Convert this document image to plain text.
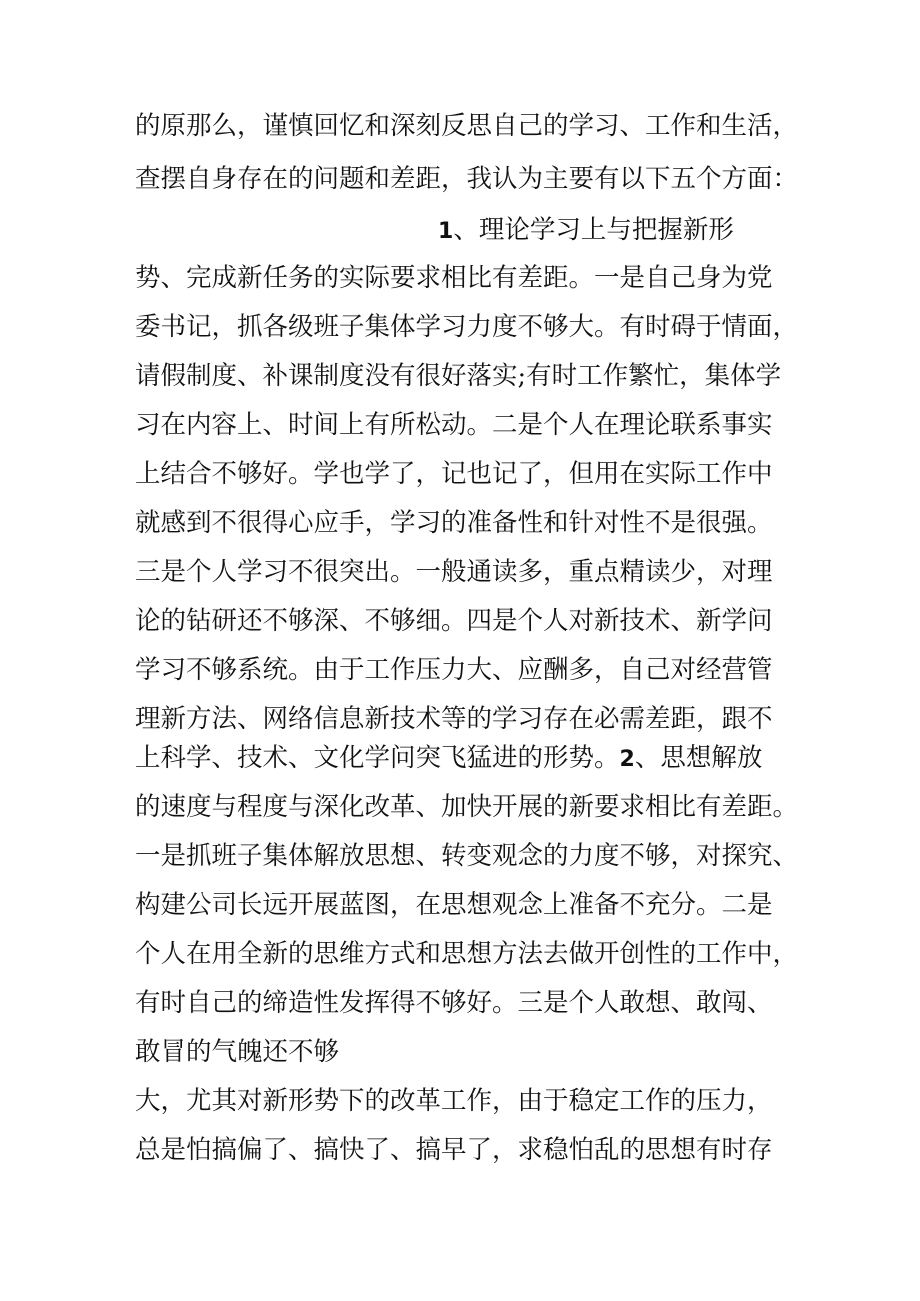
的原那么，谨慎回忆和深刻反思自己的学习、工作和生活，
查摆自身存在的问题和差距，我认为主要有以下五个方面：
1、理论学习上与把握新形
势、完成新任务的实际要求相比有差距。一是自己身为党
委书记，抓各级班子集体学习力度不够大。有时碍于情面，
请假制度、补课制度没有很好落实;有时工作繁忙，集体学
习在内容上、时间上有所松动。二是个人在理论联系事实
上结合不够好。学也学了，记也记了，但用在实际工作中
就感到不很得心应手，学习的准备性和针对性不是很强。
三是个人学习不很突出。一般通读多，重点精读少，对理
论的钻研还不够深、不够细。四是个人对新技术、新学问
学习不够系统。由于工作压力大、应酬多，自己对经营管
理新方法、网络信息新技术等的学习存在必需差距，跟不
上科学、技术、文化学问突飞猛进的形势。2、思想解放
的速度与程度与深化改革、加快开展的新要求相比有差距。
一是抓班子集体解放思想、转变观念的力度不够，对探究、
构建公司长远开展蓝图，在思想观念上准备不充分。二是
个人在用全新的思维方式和思想方法去做开创性的工作中，
有时自己的缔造性发挥得不够好。三是个人敢想、敢闯、
敢冒的气魄还不够
大，尤其对新形势下的改革工作，由于稳定工作的压力，
总是怕搞偏了、搞快了、搞早了，求稳怕乱的思想有时存
